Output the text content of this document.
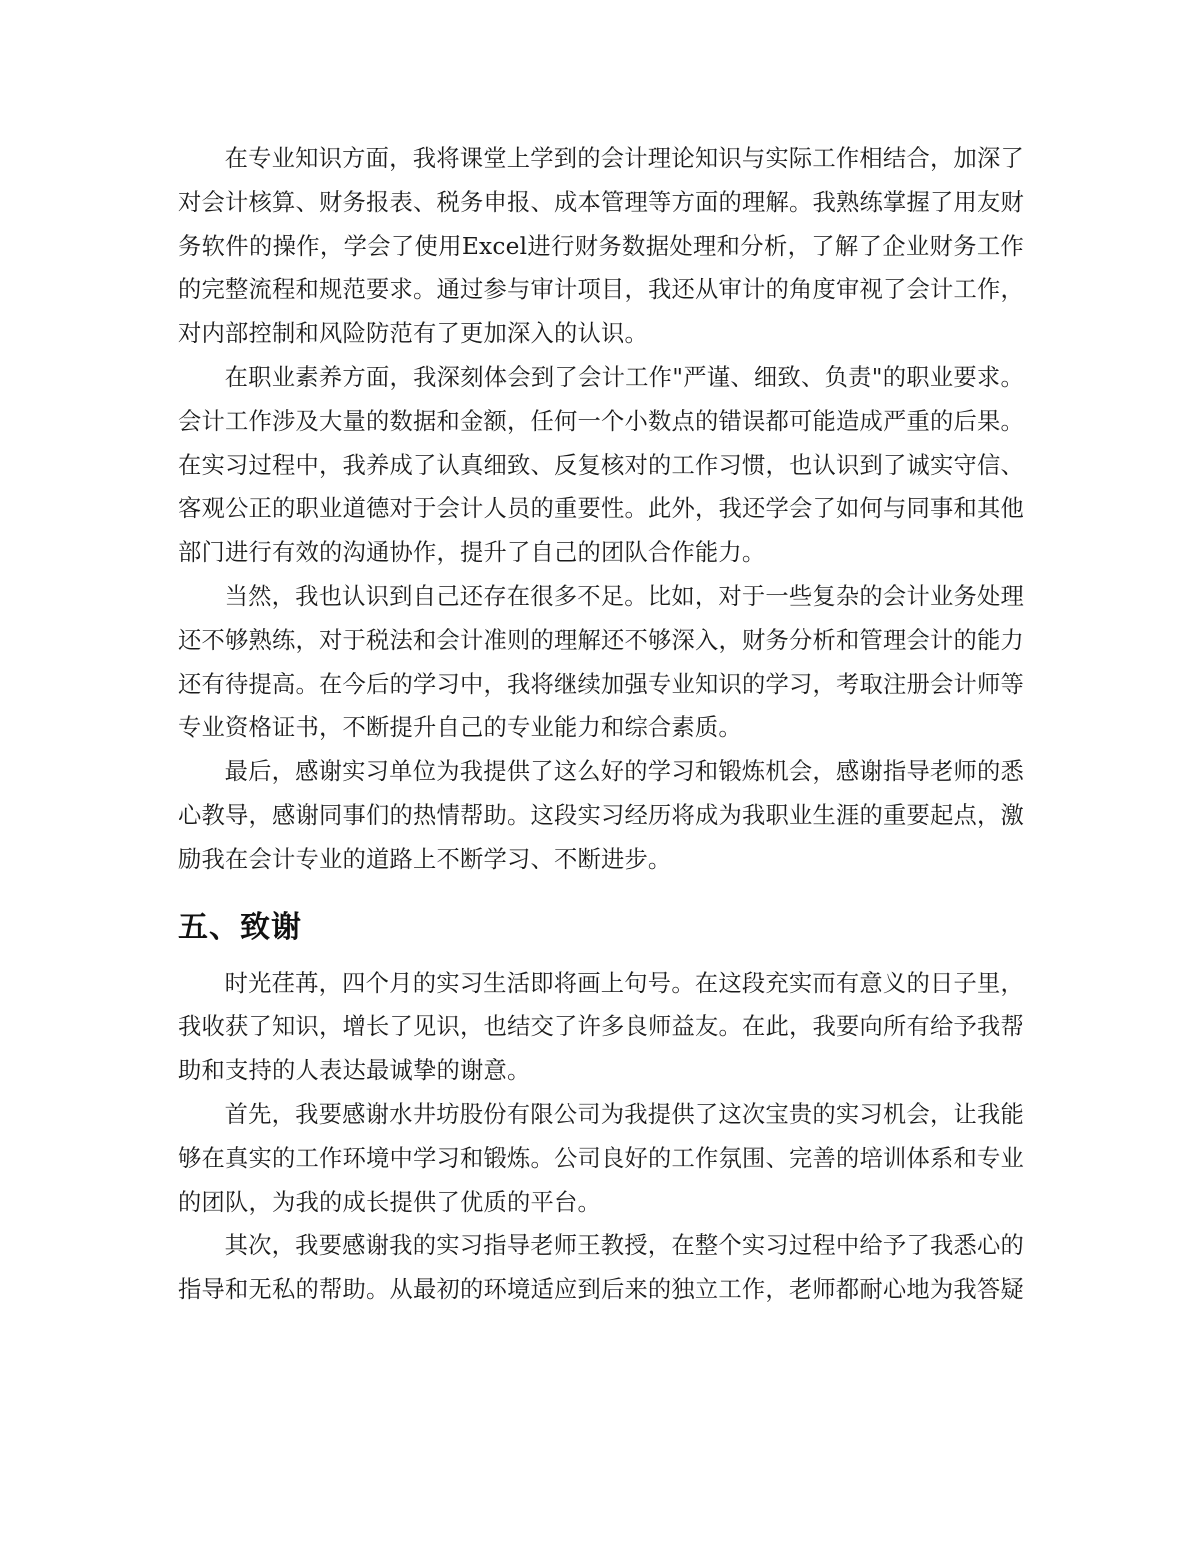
在专业知识方面，我将课堂上学到的会计理论知识与实际工作相结合，加深了对会计核算、财务报表、税务申报、成本管理等方面的理解。我熟练掌握了用友财务软件的操作，学会了使用Excel进行财务数据处理和分析，了解了企业财务工作的完整流程和规范要求。通过参与审计项目，我还从审计的角度审视了会计工作，对内部控制和风险防范有了更加深入的认识。

在职业素养方面，我深刻体会到了会计工作"严谨、细致、负责"的职业要求。会计工作涉及大量的数据和金额，任何一个小数点的错误都可能造成严重的后果。在实习过程中，我养成了认真细致、反复核对的工作习惯，也认识到了诚实守信、客观公正的职业道德对于会计人员的重要性。此外，我还学会了如何与同事和其他部门进行有效的沟通协作，提升了自己的团队合作能力。

当然，我也认识到自己还存在很多不足。比如，对于一些复杂的会计业务处理还不够熟练，对于税法和会计准则的理解还不够深入，财务分析和管理会计的能力还有待提高。在今后的学习中，我将继续加强专业知识的学习，考取注册会计师等专业资格证书，不断提升自己的专业能力和综合素质。

最后，感谢实习单位为我提供了这么好的学习和锻炼机会，感谢指导老师的悉心教导，感谢同事们的热情帮助。这段实习经历将成为我职业生涯的重要起点，激励我在会计专业的道路上不断学习、不断进步。

五、致谢

时光荏苒，四个月的实习生活即将画上句号。在这段充实而有意义的日子里，我收获了知识，增长了见识，也结交了许多良师益友。在此，我要向所有给予我帮助和支持的人表达最诚挚的谢意。

首先，我要感谢水井坊股份有限公司为我提供了这次宝贵的实习机会，让我能够在真实的工作环境中学习和锻炼。公司良好的工作氛围、完善的培训体系和专业的团队，为我的成长提供了优质的平台。

其次，我要感谢我的实习指导老师王教授，在整个实习过程中给予了我悉心的指导和无私的帮助。从最初的环境适应到后来的独立工作，老师都耐心地为我答疑
